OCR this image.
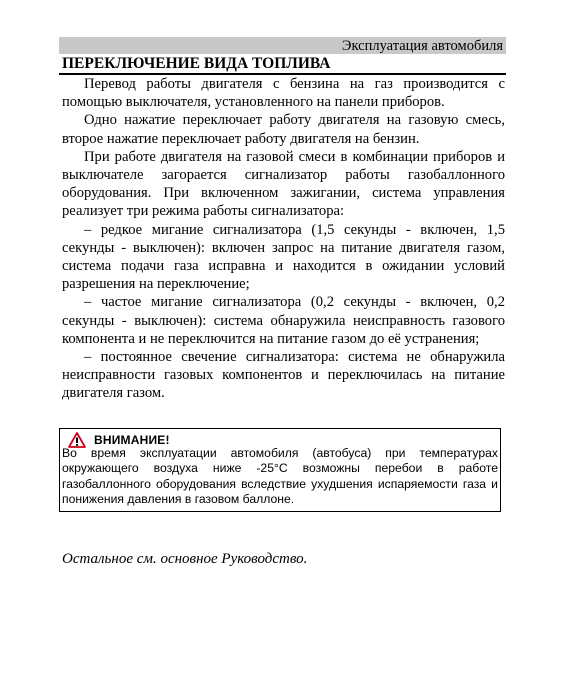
Эксплуатация автомобиля
ПЕРЕКЛЮЧЕНИЕ ВИДА ТОПЛИВА

Перевод работы двигателя с бензина на газ производится с помощью выключателя, установленного на панели приборов.

Одно нажатие переключает работу двигателя на газовую смесь, второе нажатие переключает работу двигателя на бензин.

При работе двигателя на газовой смеси в комбинации приборов и выключателе загорается сигнализатор работы газобаллонного оборудования. При включенном зажигании, система управления реализует три режима работы сигнализатора:

– редкое мигание сигнализатора (1,5 секунды - включен, 1,5 секунды - выключен): включен запрос на питание двигателя газом, система подачи газа исправна и находится в ожидании условий разрешения на переключение;

– частое мигание сигнализатора (0,2 секунды - включен, 0,2 секунды - выключен): система обнаружила неисправность газового компонента и не переключится на питание газом до её устранения;

– постоянное свечение сигнализатора: система не обнаружила неисправности газовых компонентов и переключилась на питание двигателя газом.

ВНИМАНИЕ!

Во время эксплуатации автомобиля (автобуса) при температурах окружающего воздуха ниже -25°С возможны перебои в работе газобаллонного оборудования вследствие ухудшения испаряемости газа и понижения давления в газовом баллоне.

Остальное см. основное Руководство.
